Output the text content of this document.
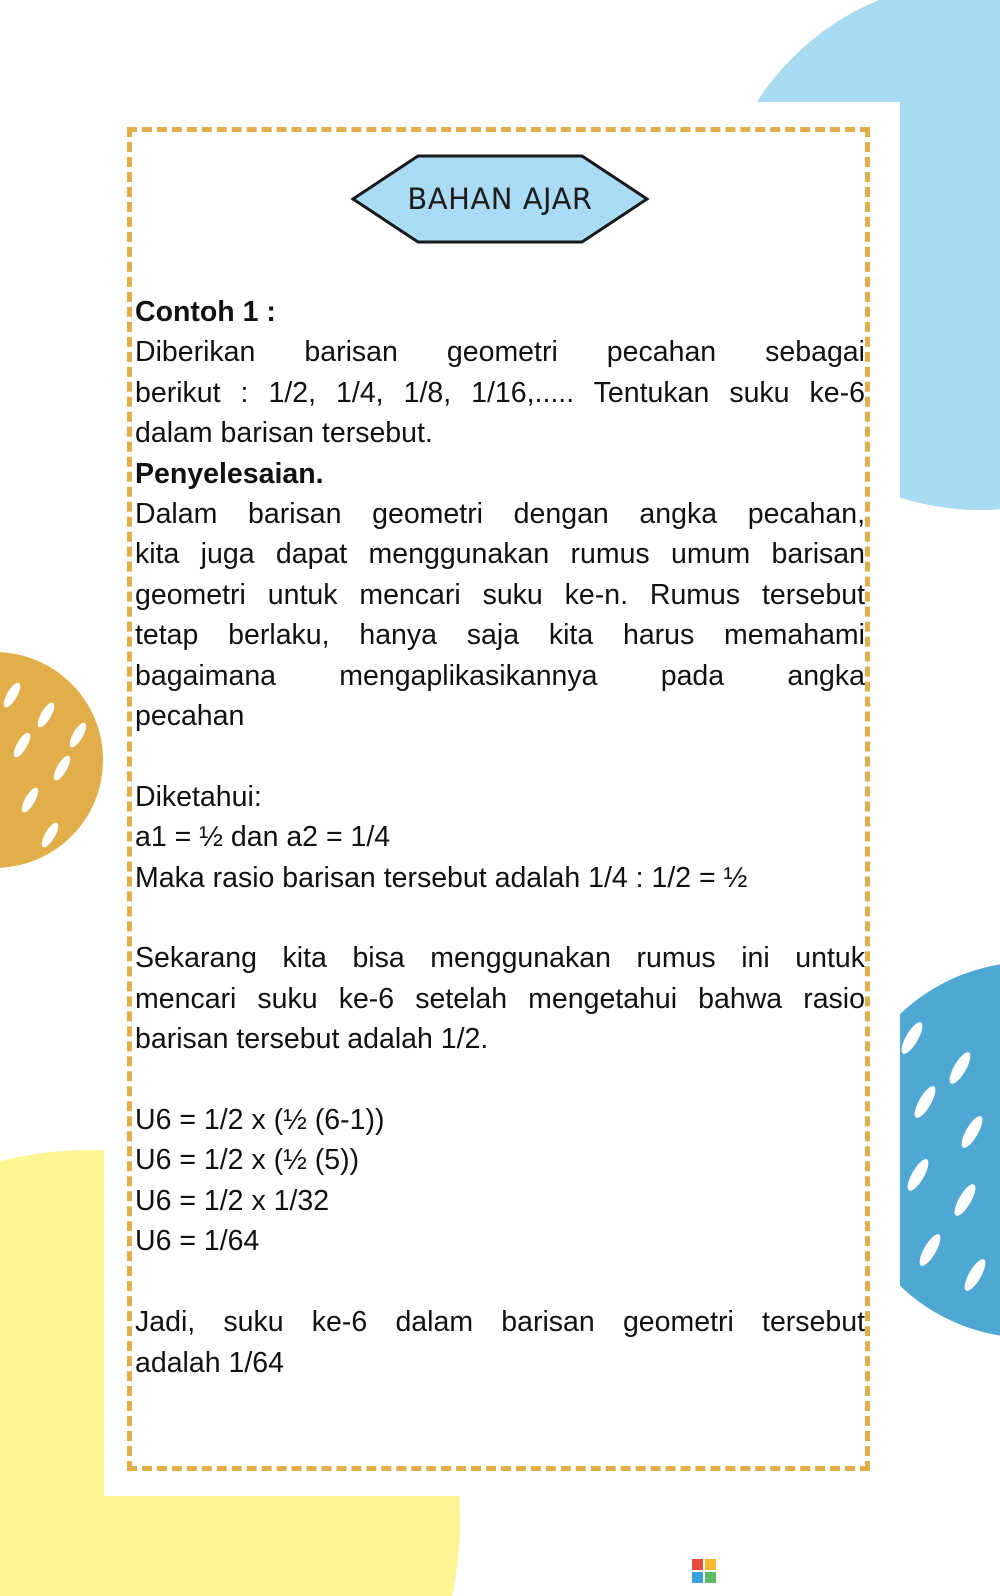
BAHAN AJAR

Contoh 1 :

Diberikan barisan geometri pecahan sebagai

berikut : 1/2, 1/4, 1/8, 1/16,..... Tentukan suku ke-6

dalam barisan tersebut.

Penyelesaian.

Dalam barisan geometri dengan angka pecahan,

kita juga dapat menggunakan rumus umum barisan

geometri untuk mencari suku ke-n. Rumus tersebut

tetap berlaku, hanya saja kita harus memahami

bagaimana mengaplikasikannya pada angka

pecahan

Diketahui:

a1 = ½ dan a2 = 1/4

Maka rasio barisan tersebut adalah 1/4 : 1/2 = ½

Sekarang kita bisa menggunakan rumus ini untuk

mencari suku ke-6 setelah mengetahui bahwa rasio

barisan tersebut adalah 1/2.

U6 = 1/2 x (½ (6-1))

U6 = 1/2 x (½ (5))

U6 = 1/2 x 1/32

U6 = 1/64

Jadi, suku ke-6 dalam barisan geometri tersebut

adalah 1/64

LIVEWORKSHEETS
